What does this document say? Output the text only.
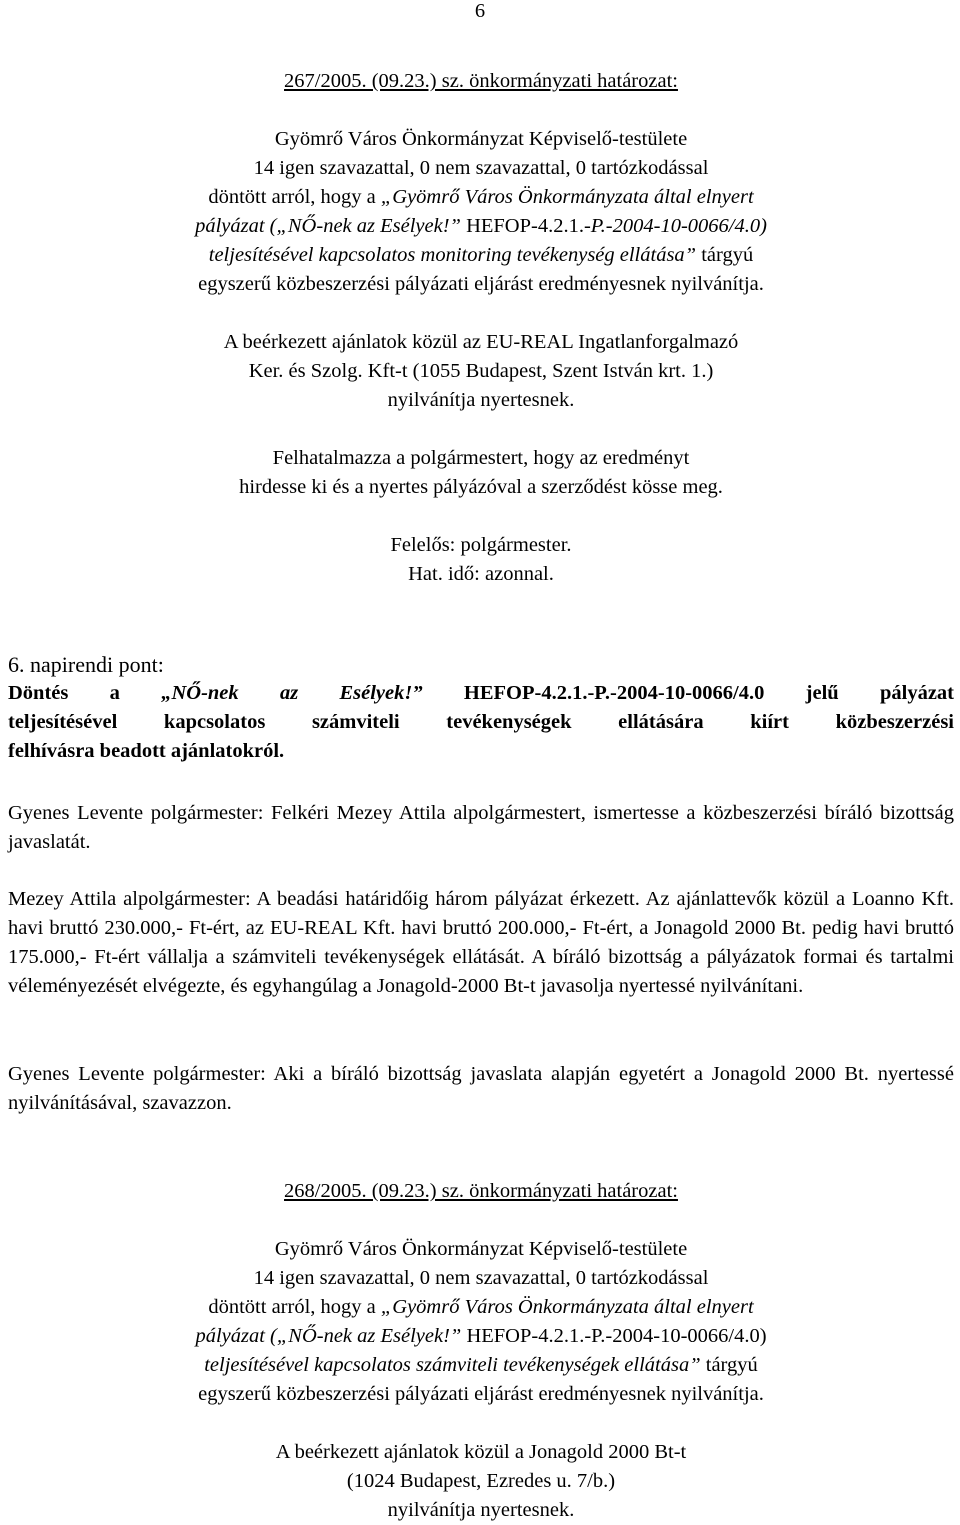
6

267/2005. (09.23.) sz. önkormányzati határozat:

Gyömrő Város Önkormányzat Képviselő-testülete

14 igen szavazattal, 0 nem szavazattal, 0 tartózkodással

döntött arról, hogy a „Gyömrő Város Önkormányzata által elnyert

pályázat („NŐ-nek az Esélyek!” HEFOP-4.2.1.-P.-2004-10-0066/4.0)

teljesítésével kapcsolatos monitoring tevékenység ellátása” tárgyú

egyszerű közbeszerzési pályázati eljárást eredményesnek nyilvánítja.

A beérkezett ajánlatok közül az EU-REAL Ingatlanforgalmazó

Ker. és Szolg. Kft-t (1055 Budapest, Szent István krt. 1.)

nyilvánítja nyertesnek.

Felhatalmazza a polgármestert, hogy az eredményt

hirdesse ki és a nyertes pályázóval a szerződést kösse meg.

Felelős: polgármester.

Hat. idő: azonnal.

6. napirendi pont:

Döntés a „NŐ-nek az Esélyek!” HEFOP-4.2.1.-P.-2004-10-0066/4.0 jelű pályázat

teljesítésével kapcsolatos számviteli tevékenységek ellátására kiírt közbeszerzési

felhívásra beadott ajánlatokról.

Gyenes Levente polgármester: Felkéri Mezey Attila alpolgármestert, ismertesse a közbeszerzési bíráló bizottság javaslatát.
Mezey Attila alpolgármester: A beadási határidőig három pályázat érkezett. Az ajánlattevők közül a Loanno Kft. havi bruttó 230.000,- Ft-ért, az EU-REAL Kft. havi bruttó 200.000,- Ft-ért, a Jonagold 2000 Bt. pedig havi bruttó 175.000,- Ft-ért vállalja a számviteli tevékenységek ellátását. A bíráló bizottság a pályázatok formai és tartalmi véleményezését elvégezte, és egyhangúlag a Jonagold-2000 Bt-t javasolja nyertessé nyilvánítani.
Gyenes Levente polgármester: Aki a bíráló bizottság javaslata alapján egyetért a Jonagold 2000 Bt. nyertessé nyilvánításával, szavazzon.

268/2005. (09.23.) sz. önkormányzati határozat:

Gyömrő Város Önkormányzat Képviselő-testülete

14 igen szavazattal, 0 nem szavazattal, 0 tartózkodással

döntött arról, hogy a „Gyömrő Város Önkormányzata által elnyert

pályázat („NŐ-nek az Esélyek!” HEFOP-4.2.1.-P.-2004-10-0066/4.0)

teljesítésével kapcsolatos számviteli tevékenységek ellátása” tárgyú

egyszerű közbeszerzési pályázati eljárást eredményesnek nyilvánítja.

A beérkezett ajánlatok közül a Jonagold 2000 Bt-t

(1024 Budapest, Ezredes u. 7/b.)

nyilvánítja nyertesnek.
